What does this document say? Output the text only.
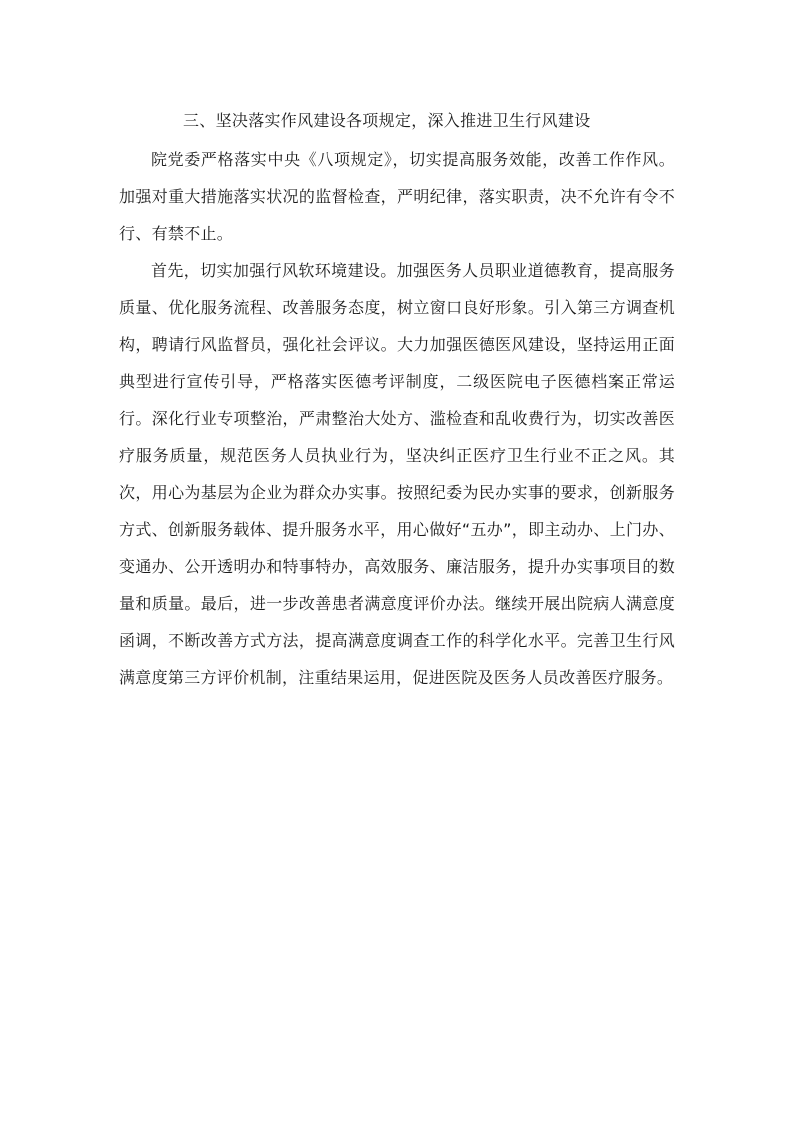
三、坚决落实作风建设各项规定，深入推进卫生行风建设

院党委严格落实中央《八项规定》，切实提高服务效能，改善工作作风。加强对重大措施落实状况的监督检查，严明纪律，落实职责，决不允许有令不行、有禁不止。

首先，切实加强行风软环境建设。加强医务人员职业道德教育，提高服务质量、优化服务流程、改善服务态度，树立窗口良好形象。引入第三方调查机构，聘请行风监督员，强化社会评议。大力加强医德医风建设，坚持运用正面典型进行宣传引导，严格落实医德考评制度，二级医院电子医德档案正常运行。深化行业专项整治，严肃整治大处方、滥检查和乱收费行为，切实改善医疗服务质量，规范医务人员执业行为，坚决纠正医疗卫生行业不正之风。其次，用心为基层为企业为群众办实事。按照纪委为民办实事的要求，创新服务方式、创新服务载体、提升服务水平，用心做好“五办”，即主动办、上门办、变通办、公开透明办和特事特办，高效服务、廉洁服务，提升办实事项目的数量和质量。最后，进一步改善患者满意度评价办法。继续开展出院病人满意度函调，不断改善方式方法，提高满意度调查工作的科学化水平。完善卫生行风满意度第三方评价机制，注重结果运用，促进医院及医务人员改善医疗服务。
